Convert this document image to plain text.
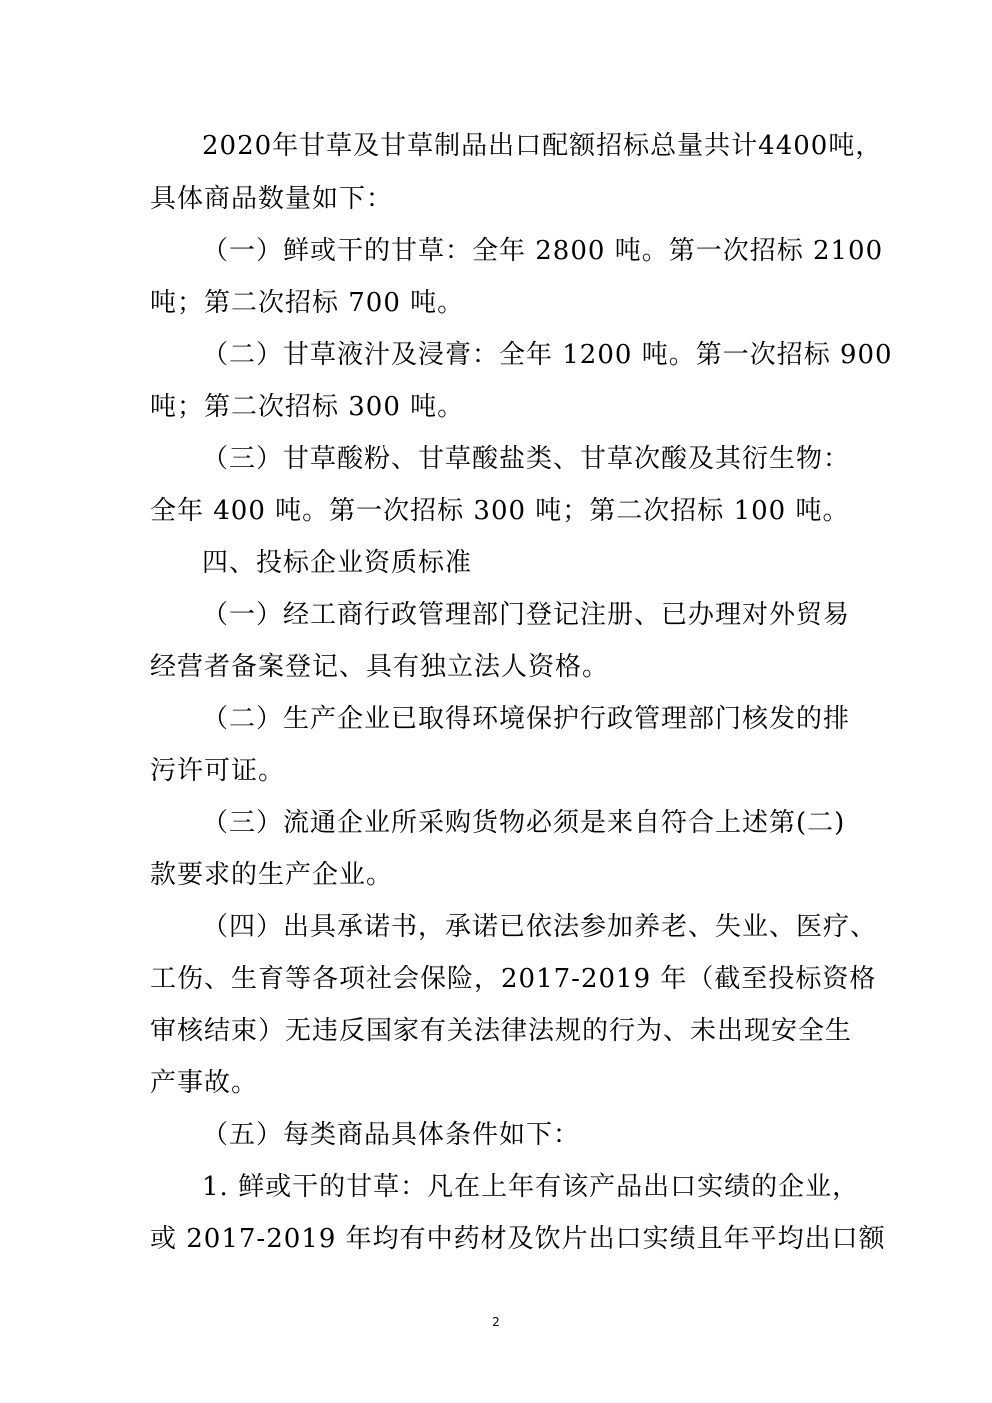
2020年甘草及甘草制品出口配额招标总量共计4400吨，
具体商品数量如下：
（一）鲜或干的甘草：全年 2800 吨。第一次招标 2100
吨；第二次招标 700 吨。
（二）甘草液汁及浸膏：全年 1200 吨。第一次招标 900
吨；第二次招标 300 吨。
（三）甘草酸粉、甘草酸盐类、甘草次酸及其衍生物：
全年 400 吨。第一次招标 300 吨；第二次招标 100 吨。
四、投标企业资质标准
（一）经工商行政管理部门登记注册、已办理对外贸易
经营者备案登记、具有独立法人资格。
（二）生产企业已取得环境保护行政管理部门核发的排
污许可证。
（三）流通企业所采购货物必须是来自符合上述第(二)
款要求的生产企业。
（四）出具承诺书，承诺已依法参加养老、失业、医疗、
工伤、生育等各项社会保险，2017-2019 年（截至投标资格
审核结束）无违反国家有关法律法规的行为、未出现安全生
产事故。
（五）每类商品具体条件如下：
1. 鲜或干的甘草：凡在上年有该产品出口实绩的企业，
或 2017-2019 年均有中药材及饮片出口实绩且年平均出口额
2
